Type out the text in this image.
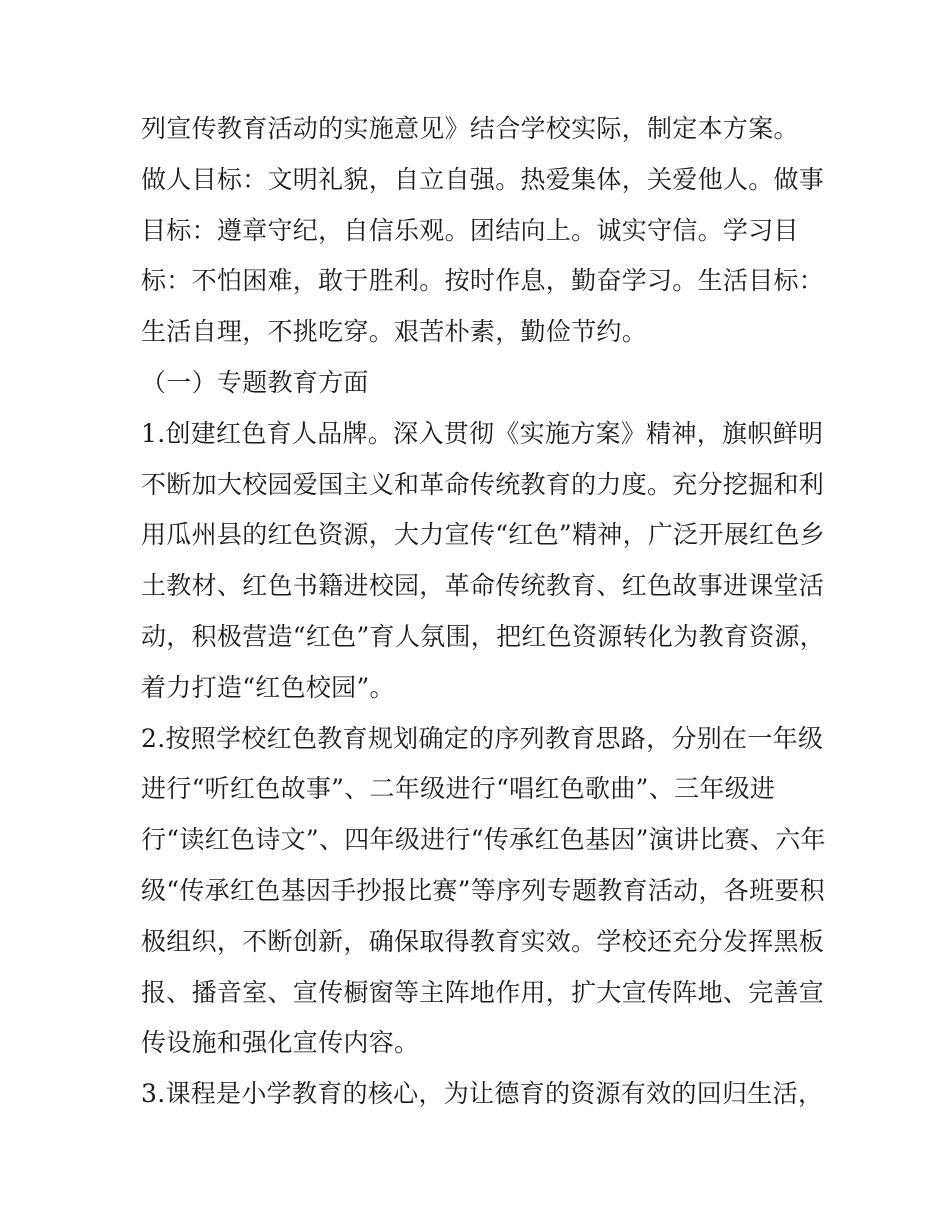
列宣传教育活动的实施意见》结合学校实际，制定本方案。
做人目标：文明礼貌，自立自强。热爱集体，关爱他人。做事
目标：遵章守纪，自信乐观。团结向上。诚实守信。学习目
标：不怕困难，敢于胜利。按时作息，勤奋学习。生活目标：
生活自理，不挑吃穿。艰苦朴素，勤俭节约。
（一）专题教育方面
1.创建红色育人品牌。深入贯彻《实施方案》精神，旗帜鲜明
不断加大校园爱国主义和革命传统教育的力度。充分挖掘和利
用瓜州县的红色资源，大力宣传“红色”精神，广泛开展红色乡
土教材、红色书籍进校园，革命传统教育、红色故事进课堂活
动，积极营造“红色”育人氛围，把红色资源转化为教育资源，
着力打造“红色校园”。
2.按照学校红色教育规划确定的序列教育思路，分别在一年级
进行“听红色故事”、二年级进行“唱红色歌曲”、三年级进
行“读红色诗文”、四年级进行“传承红色基因”演讲比赛、六年
级“传承红色基因手抄报比赛”等序列专题教育活动，各班要积
极组织，不断创新，确保取得教育实效。学校还充分发挥黑板
报、播音室、宣传橱窗等主阵地作用，扩大宣传阵地、完善宣
传设施和强化宣传内容。
3.课程是小学教育的核心，为让德育的资源有效的回归生活，
